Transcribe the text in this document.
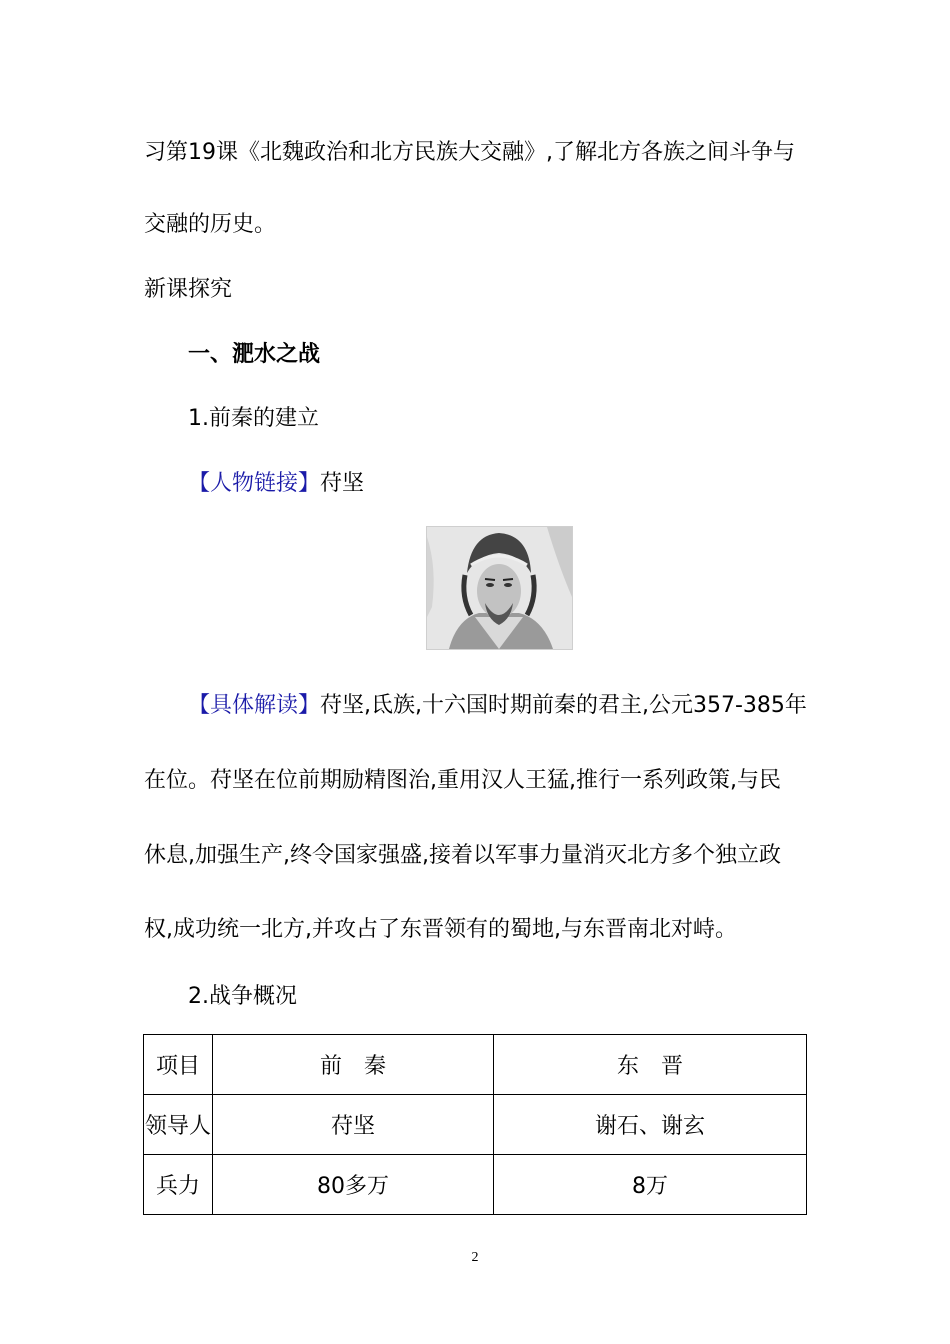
习第19课《北魏政治和北方民族大交融》,了解北方各族之间斗争与
交融的历史。
新课探究
一、淝水之战
1.前秦的建立
【人物链接】苻坚
【具体解读】苻坚,氐族,十六国时期前秦的君主,公元357-385年
在位。苻坚在位前期励精图治,重用汉人王猛,推行一系列政策,与民
休息,加强生产,终令国家强盛,接着以军事力量消灭北方多个独立政
权,成功统一北方,并攻占了东晋领有的蜀地,与东晋南北对峙。
2.战争概况
项目	前　秦	东　晋
领导人	苻坚	谢石、谢玄
兵力	80多万	8万
2
